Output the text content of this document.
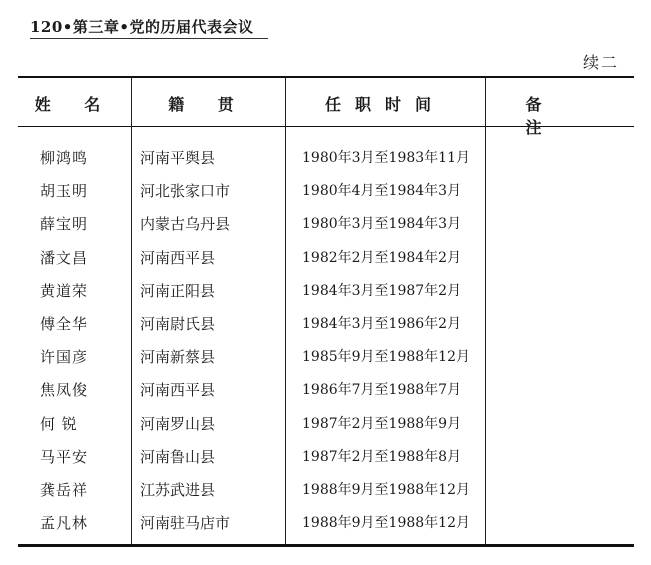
120•第三章•党的历届代表会议
续二
姓 名	籍 贯	任职时间	备 注
柳鸿鸣	河南平舆县	1980年3月至1983年11月
胡玉明	河北张家口市	1980年4月至1984年3月
薛宝明	内蒙古乌丹县	1980年3月至1984年3月
潘文昌	河南西平县	1982年2月至1984年2月
黄道荣	河南正阳县	1984年3月至1987年2月
傅全华	河南尉氏县	1984年3月至1986年2月
许国彦	河南新蔡县	1985年9月至1988年12月
焦凤俊	河南西平县	1986年7月至1988年7月
何 锐	河南罗山县	1987年2月至1988年9月
马平安	河南鲁山县	1987年2月至1988年8月
龚岳祥	江苏武进县	1988年9月至1988年12月
孟凡林	河南驻马店市	1988年9月至1988年12月
